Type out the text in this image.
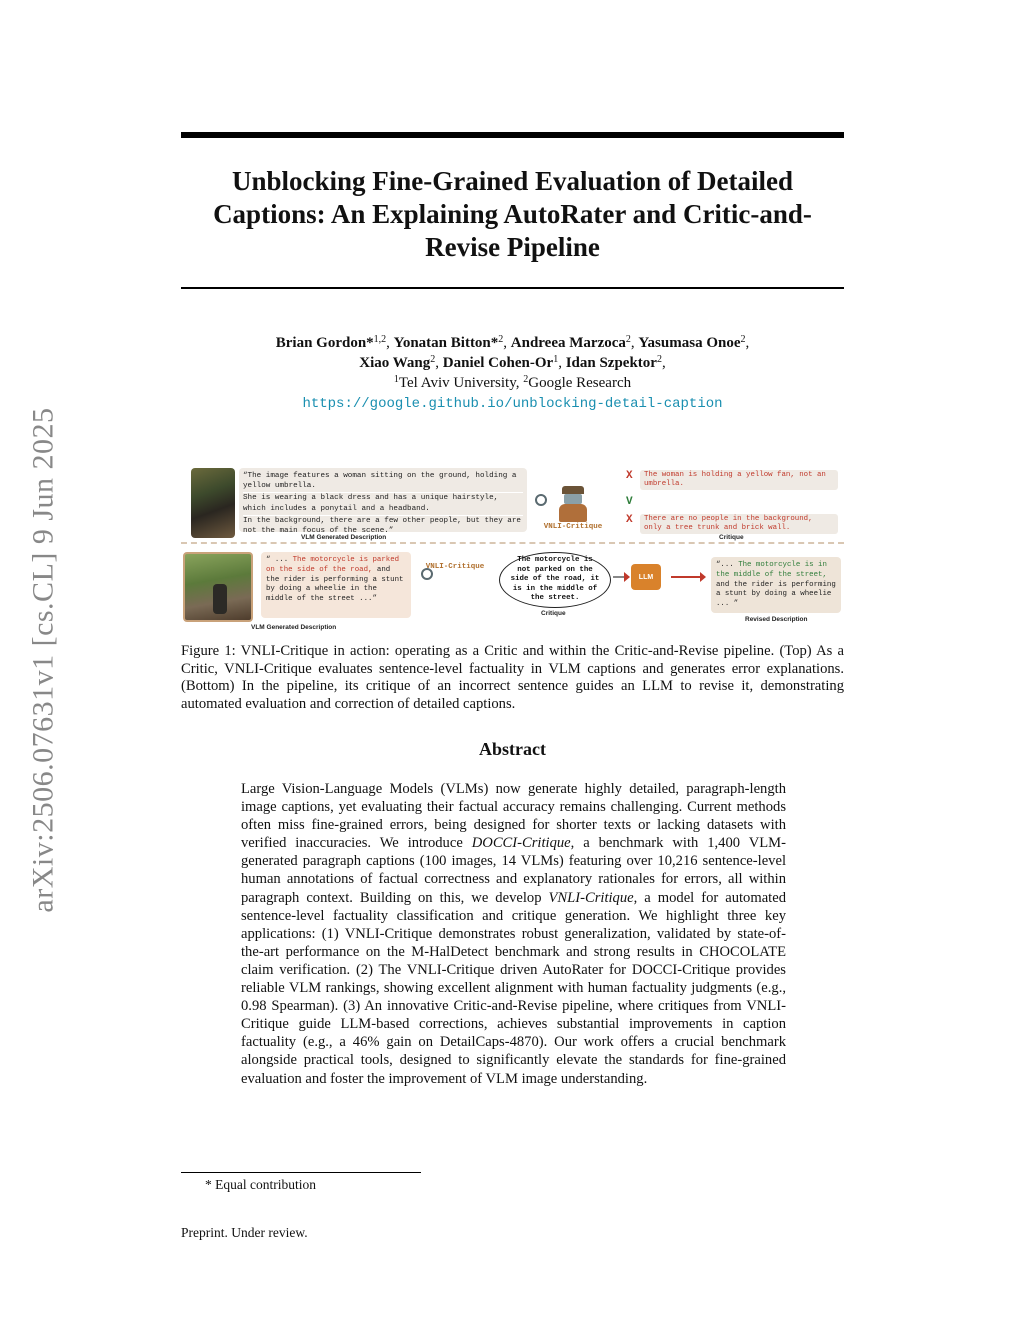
arXiv:2506.07631v1 [cs.CL] 9 Jun 2025
Unblocking Fine-Grained Evaluation of Detailed Captions: An Explaining AutoRater and Critic-and-Revise Pipeline
Brian Gordon*$^{1,2}$, Yonatan Bitton*$^2$, Andreea Marzoca$^2$, Yasumasa Onoe$^2$,
Xiao Wang$^2$, Daniel Cohen-Or$^1$, Idan Szpektor$^2$,
$^1$Tel Aviv University, $^2$Google Research
https://google.github.io/unblocking-detail-caption
“The image features a woman sitting on the ground, holding a yellow umbrella.
She is wearing a black dress and has a unique hairstyle, which includes a ponytail and a headband.
In the background, there are a few other people, but they are not the main focus of the scene.”
VLM Generated Description
VNLI-Critique
X	The woman is holding a yellow fan, not an umbrella.
V
X	There are no people in the background, only a tree trunk and brick wall.
Critique
“ ... The motorcycle is parked on the side of the road, and the rider is performing a stunt by doing a wheelie in the middle of the street ...”
VLM Generated Description
VNLI-Critique
The motorcycle is not parked on the side of the road, it is in the middle of the street.
Critique
LLM
“... The motorcycle is in the middle of the street, and the rider is performing a stunt by doing a wheelie ... ”
Revised Description

Figure 1: VNLI-Critique in action: operating as a Critic and within the Critic-and-Revise pipeline. (Top) As a Critic, VNLI-Critique evaluates sentence-level factuality in VLM captions and generates error explanations. (Bottom) In the pipeline, its critique of an incorrect sentence guides an LLM to revise it, demonstrating automated evaluation and correction of detailed captions.

Abstract

Large Vision-Language Models (VLMs) now generate highly detailed, paragraph-length image captions, yet evaluating their factual accuracy remains challenging. Current methods often miss fine-grained errors, being designed for shorter texts or lacking datasets with verified inaccuracies. We introduce DOCCI-Critique, a benchmark with 1,400 VLM-generated paragraph captions (100 images, 14 VLMs) featuring over 10,216 sentence-level human annotations of factual correctness and explanatory rationales for errors, all within paragraph context. Building on this, we develop VNLI-Critique, a model for automated sentence-level factuality classification and critique generation. We highlight three key applications: (1) VNLI-Critique demonstrates robust generalization, validated by state-of-the-art performance on the M-HalDetect benchmark and strong results in CHOCOLATE claim verification. (2) The VNLI-Critique driven AutoRater for DOCCI-Critique provides reliable VLM rankings, showing excellent alignment with human factuality judgments (e.g., 0.98 Spearman). (3) An innovative Critic-and-Revise pipeline, where critiques from VNLI-Critique guide LLM-based corrections, achieves substantial improvements in caption factuality (e.g., a 46% gain on DetailCaps-4870). Our work offers a crucial benchmark alongside practical tools, designed to significantly elevate the standards for fine-grained evaluation and foster the improvement of VLM image understanding.

* Equal contribution
Preprint. Under review.
